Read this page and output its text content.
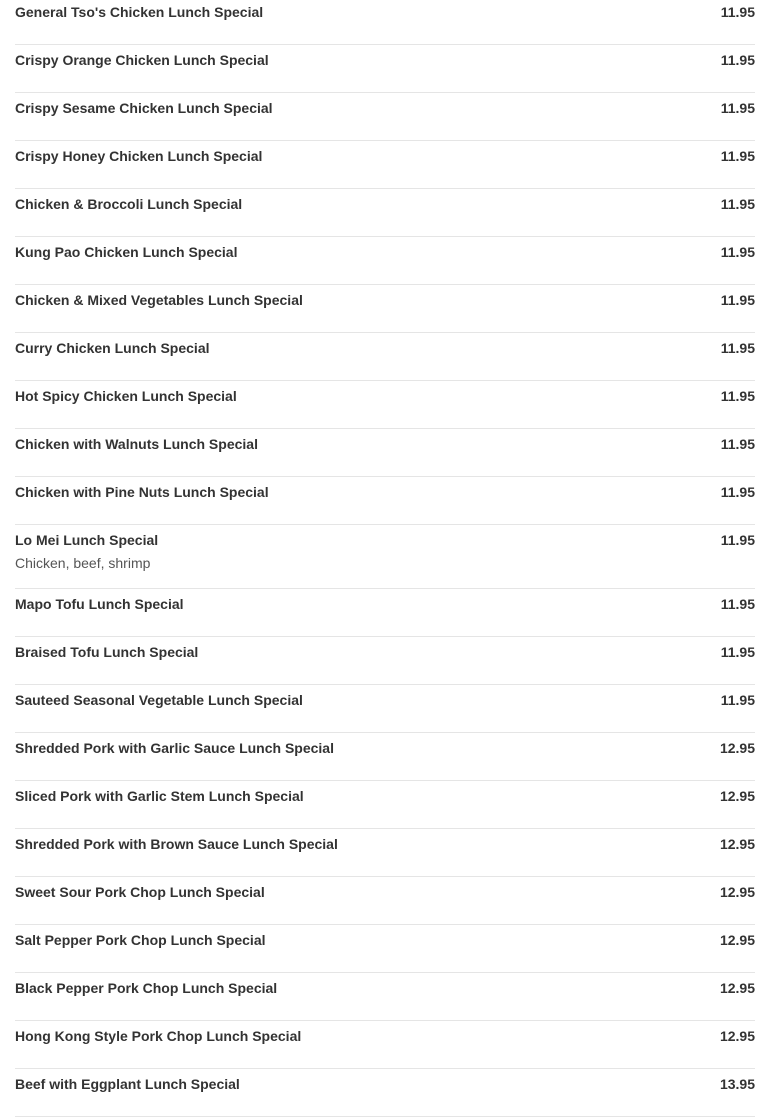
General Tso's Chicken Lunch Special	11.95
Crispy Orange Chicken Lunch Special	11.95
Crispy Sesame Chicken Lunch Special	11.95
Crispy Honey Chicken Lunch Special	11.95
Chicken & Broccoli Lunch Special	11.95
Kung Pao Chicken Lunch Special	11.95
Chicken & Mixed Vegetables Lunch Special	11.95
Curry Chicken Lunch Special	11.95
Hot Spicy Chicken Lunch Special	11.95
Chicken with Walnuts Lunch Special	11.95
Chicken with Pine Nuts Lunch Special	11.95
Lo Mei Lunch Special	11.95
Chicken, beef, shrimp
Mapo Tofu Lunch Special	11.95
Braised Tofu Lunch Special	11.95
Sauteed Seasonal Vegetable Lunch Special	11.95
Shredded Pork with Garlic Sauce Lunch Special	12.95
Sliced Pork with Garlic Stem Lunch Special	12.95
Shredded Pork with Brown Sauce Lunch Special	12.95
Sweet Sour Pork Chop Lunch Special	12.95
Salt Pepper Pork Chop Lunch Special	12.95
Black Pepper Pork Chop Lunch Special	12.95
Hong Kong Style Pork Chop Lunch Special	12.95
Beef with Eggplant Lunch Special	13.95
